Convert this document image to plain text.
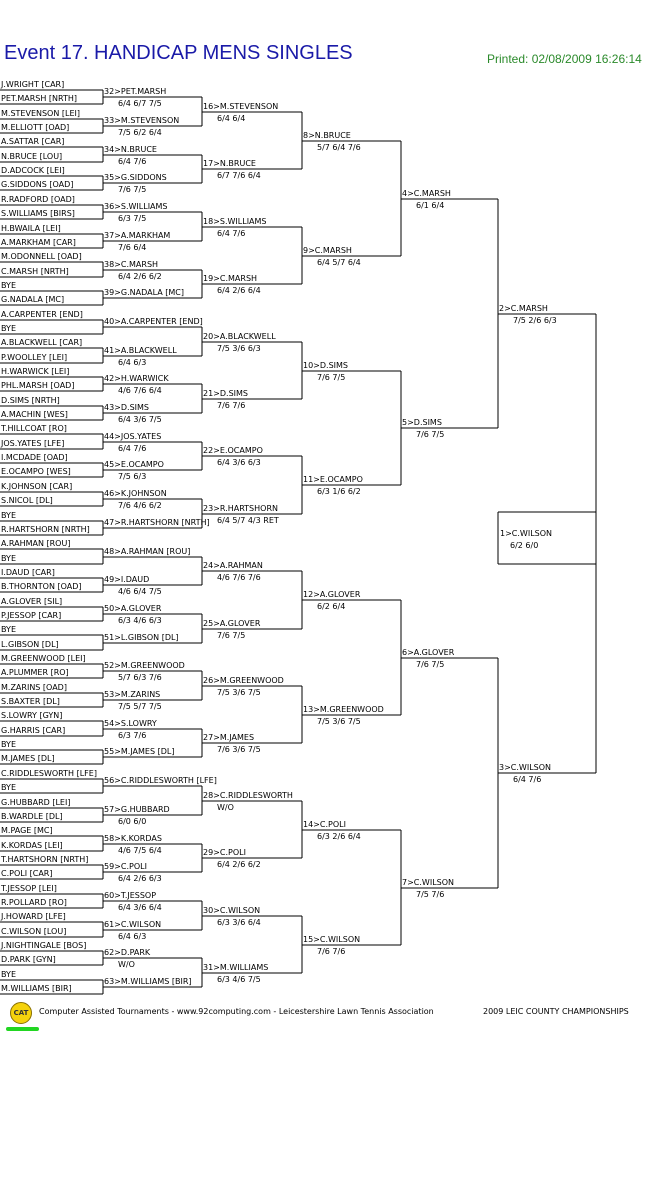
Event 17. HANDICAP MENS SINGLES	Printed: 02/08/2009 16:26:14
J.WRIGHT [CAR]
PET.MARSH [NRTH]
M.STEVENSON [LEI]
M.ELLIOTT [OAD]
A.SATTAR [CAR]
N.BRUCE [LOU]
D.ADCOCK [LEI]
G.SIDDONS [OAD]
R.RADFORD [OAD]
S.WILLIAMS [BIRS]
H.BWAILA [LEI]
A.MARKHAM [CAR]
M.ODONNELL [OAD]
C.MARSH [NRTH]
BYE
G.NADALA [MC]
A.CARPENTER [END]
BYE
A.BLACKWELL [CAR]
P.WOOLLEY [LEI]
H.WARWICK [LEI]
PHL.MARSH [OAD]
D.SIMS [NRTH]
A.MACHIN [WES]
T.HILLCOAT [RO]
JOS.YATES [LFE]
I.MCDADE [OAD]
E.OCAMPO [WES]
K.JOHNSON [CAR]
S.NICOL [DL]
BYE
R.HARTSHORN [NRTH]
A.RAHMAN [ROU]
BYE
I.DAUD [CAR]
B.THORNTON [OAD]
A.GLOVER [SIL]
P.JESSOP [CAR]
BYE
L.GIBSON [DL]
M.GREENWOOD [LEI]
A.PLUMMER [RO]
M.ZARINS [OAD]
S.BAXTER [DL]
S.LOWRY [GYN]
G.HARRIS [CAR]
BYE
M.JAMES [DL]
C.RIDDLESWORTH [LFE]
BYE
G.HUBBARD [LEI]
B.WARDLE [DL]
M.PAGE [MC]
K.KORDAS [LEI]
T.HARTSHORN [NRTH]
C.POLI [CAR]
T.JESSOP [LEI]
R.POLLARD [RO]
J.HOWARD [LFE]
C.WILSON [LOU]
J.NIGHTINGALE [BOS]
D.PARK [GYN]
BYE
M.WILLIAMS [BIR]
32>PET.MARSH
6/4 6/7 7/5
33>M.STEVENSON
7/5 6/2 6/4
34>N.BRUCE
6/4 7/6
35>G.SIDDONS
7/6 7/5
36>S.WILLIAMS
6/3 7/5
37>A.MARKHAM
7/6 6/4
38>C.MARSH
6/4 2/6 6/2
39>G.NADALA [MC]
40>A.CARPENTER [END]
41>A.BLACKWELL
6/4 6/3
42>H.WARWICK
4/6 7/6 6/4
43>D.SIMS
6/4 3/6 7/5
44>JOS.YATES
6/4 7/6
45>E.OCAMPO
7/5 6/3
46>K.JOHNSON
7/6 4/6 6/2
47>R.HARTSHORN [NRTH]
48>A.RAHMAN [ROU]
49>I.DAUD
4/6 6/4 7/5
50>A.GLOVER
6/3 4/6 6/3
51>L.GIBSON [DL]
52>M.GREENWOOD
5/7 6/3 7/6
53>M.ZARINS
7/5 5/7 7/5
54>S.LOWRY
6/3 7/6
55>M.JAMES [DL]
56>C.RIDDLESWORTH [LFE]
57>G.HUBBARD
6/0 6/0
58>K.KORDAS
4/6 7/5 6/4
59>C.POLI
6/4 2/6 6/3
60>T.JESSOP
6/4 3/6 6/4
61>C.WILSON
6/4 6/3
62>D.PARK
W/O
63>M.WILLIAMS [BIR]
16>M.STEVENSON
6/4 6/4
17>N.BRUCE
6/7 7/6 6/4
18>S.WILLIAMS
6/4 7/6
19>C.MARSH
6/4 2/6 6/4
20>A.BLACKWELL
7/5 3/6 6/3
21>D.SIMS
7/6 7/6
22>E.OCAMPO
6/4 3/6 6/3
23>R.HARTSHORN
6/4 5/7 4/3 RET
24>A.RAHMAN
4/6 7/6 7/6
25>A.GLOVER
7/6 7/5
26>M.GREENWOOD
7/5 3/6 7/5
27>M.JAMES
7/6 3/6 7/5
28>C.RIDDLESWORTH
W/O
29>C.POLI
6/4 2/6 6/2
30>C.WILSON
6/3 3/6 6/4
31>M.WILLIAMS
6/3 4/6 7/5
8>N.BRUCE
5/7 6/4 7/6
9>C.MARSH
6/4 5/7 6/4
10>D.SIMS
7/6 7/5
11>E.OCAMPO
6/3 1/6 6/2
12>A.GLOVER
6/2 6/4
13>M.GREENWOOD
7/5 3/6 7/5
14>C.POLI
6/3 2/6 6/4
15>C.WILSON
7/6 7/6
4>C.MARSH
6/1 6/4
5>D.SIMS
7/6 7/5
6>A.GLOVER
7/6 7/5
7>C.WILSON
7/5 7/6
2>C.MARSH
7/5 2/6 6/3
3>C.WILSON
6/4 7/6
1>C.WILSON
6/2 6/0
CAT	Computer Assisted Tournaments - www.92computing.com - Leicestershire Lawn Tennis Association	2009 LEIC COUNTY CHAMPIONSHIPS
